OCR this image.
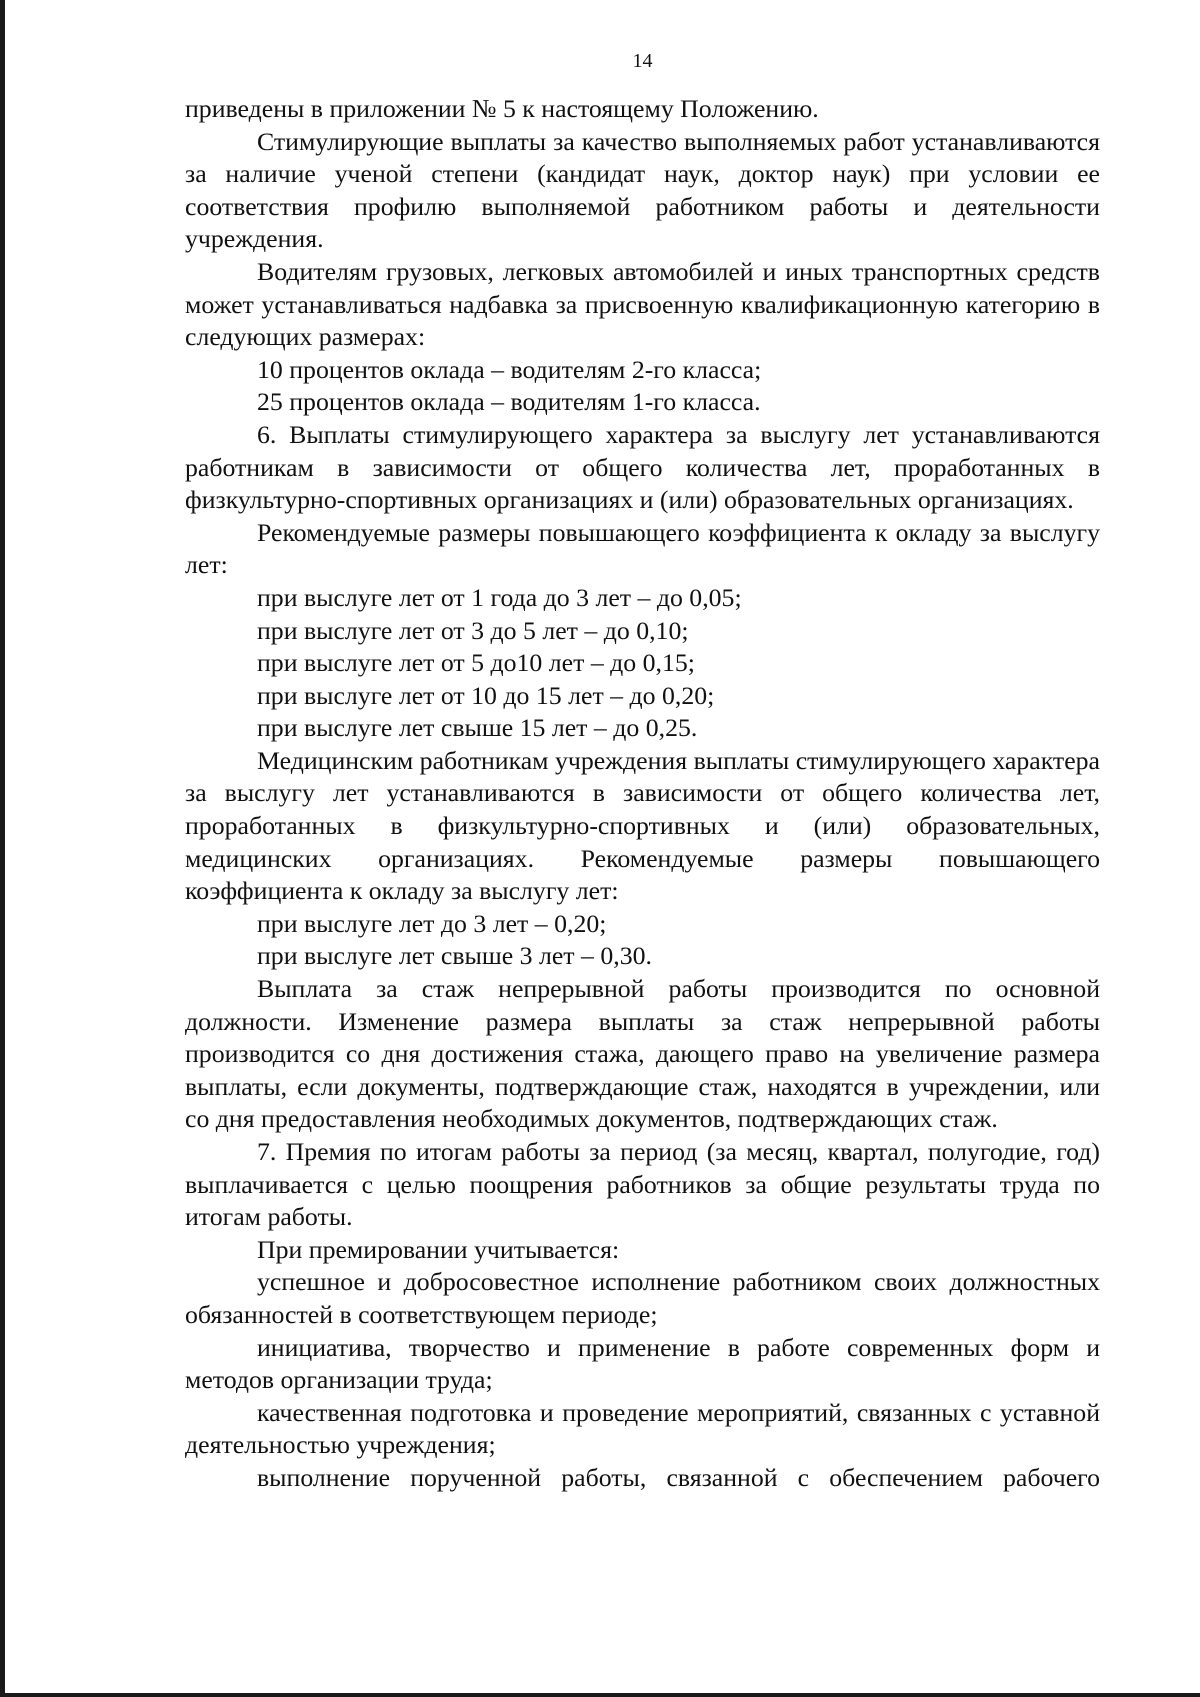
14

приведены в приложении № 5 к настоящему Положению.

Стимулирующие выплаты за качество выполняемых работ устанавливаются за наличие ученой степени (кандидат наук, доктор наук) при условии ее соответствия профилю выполняемой работником работы и деятельности учреждения.

Водителям грузовых, легковых автомобилей и иных транспортных средств может устанавливаться надбавка за присвоенную квалификационную категорию в следующих размерах:

10 процентов оклада – водителям 2-го класса;

25 процентов оклада – водителям 1-го класса.

6. Выплаты стимулирующего характера за выслугу лет устанавливаются работникам в зависимости от общего количества лет, проработанных в физкультурно-спортивных организациях и (или) образовательных организациях.

Рекомендуемые размеры повышающего коэффициента к окладу за выслугу лет:

при выслуге лет от 1 года до 3 лет – до 0,05;

при выслуге лет от 3 до 5 лет – до 0,10;

при выслуге лет от 5 до10 лет – до 0,15;

при выслуге лет от 10 до 15 лет – до 0,20;

при выслуге лет свыше 15 лет – до 0,25.

Медицинским работникам учреждения выплаты стимулирующего характера за выслугу лет устанавливаются в зависимости от общего количества лет, проработанных в физкультурно-спортивных и (или) образовательных, медицинских организациях. Рекомендуемые размеры повышающего коэффициента к окладу за выслугу лет:

при выслуге лет до 3 лет – 0,20;

при выслуге лет свыше 3 лет – 0,30.

Выплата за стаж непрерывной работы производится по основной должности. Изменение размера выплаты за стаж непрерывной работы производится со дня достижения стажа, дающего право на увеличение размера выплаты, если документы, подтверждающие стаж, находятся в учреждении, или со дня предоставления необходимых документов, подтверждающих стаж.

7. Премия по итогам работы за период (за месяц, квартал, полугодие, год) выплачивается с целью поощрения работников за общие результаты труда по итогам работы.

При премировании учитывается:

успешное и добросовестное исполнение работником своих должностных обязанностей в соответствующем периоде;

инициатива, творчество и применение в работе современных форм и методов организации труда;

качественная подготовка и проведение мероприятий, связанных с уставной деятельностью учреждения;

выполнение порученной работы, связанной с обеспечением рабочего
